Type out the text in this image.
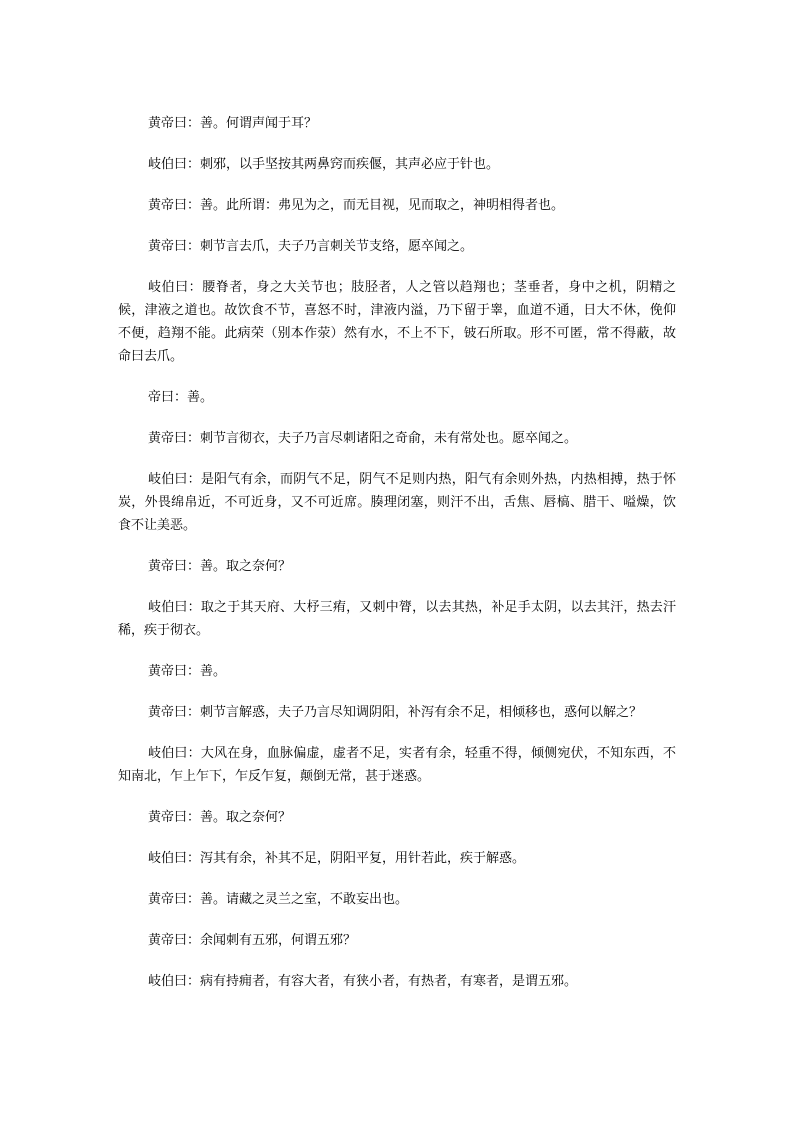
黄帝曰：善。何谓声闻于耳？

岐伯曰：刺邪，以手坚按其两鼻窍而疾偃，其声必应于针也。

黄帝曰：善。此所谓：弗见为之，而无目视，见而取之，神明相得者也。

黄帝曰：刺节言去爪，夫子乃言刺关节支络，愿卒闻之。

岐伯曰：腰脊者，身之大关节也；肢胫者，人之管以趋翔也；茎垂者，身中之机，阴精之候，津液之道也。故饮食不节，喜怒不时，津液内溢，乃下留于睾，血道不通，日大不休，俛仰不便，趋翔不能。此病荣（别本作荥）然有水，不上不下，铍石所取。形不可匿，常不得蔽，故命曰去爪。

帝曰：善。

黄帝曰：刺节言彻衣，夫子乃言尽刺诸阳之奇俞，未有常处也。愿卒闻之。

岐伯曰：是阳气有余，而阴气不足，阴气不足则内热，阳气有余则外热，内热相搏，热于怀炭，外畏绵帛近，不可近身，又不可近席。腠理闭塞，则汗不出，舌焦、唇槁、腊干、嗌燥，饮食不让美恶。

黄帝曰：善。取之奈何？

岐伯曰：取之于其天府、大杼三痏，又刺中膂，以去其热，补足手太阴，以去其汗，热去汗稀，疾于彻衣。

黄帝曰：善。

黄帝曰：刺节言解惑，夫子乃言尽知调阴阳，补泻有余不足，相倾移也，惑何以解之？

岐伯曰：大风在身，血脉偏虚，虚者不足，实者有余，轻重不得，倾侧宛伏，不知东西，不知南北，乍上乍下，乍反乍复，颠倒无常，甚于迷惑。

黄帝曰：善。取之奈何？

岐伯曰：泻其有余，补其不足，阴阳平复，用针若此，疾于解惑。

黄帝曰：善。请藏之灵兰之室，不敢妄出也。

黄帝曰：余闻刺有五邪，何谓五邪？

岐伯曰：病有持痈者，有容大者，有狭小者，有热者，有寒者，是谓五邪。
